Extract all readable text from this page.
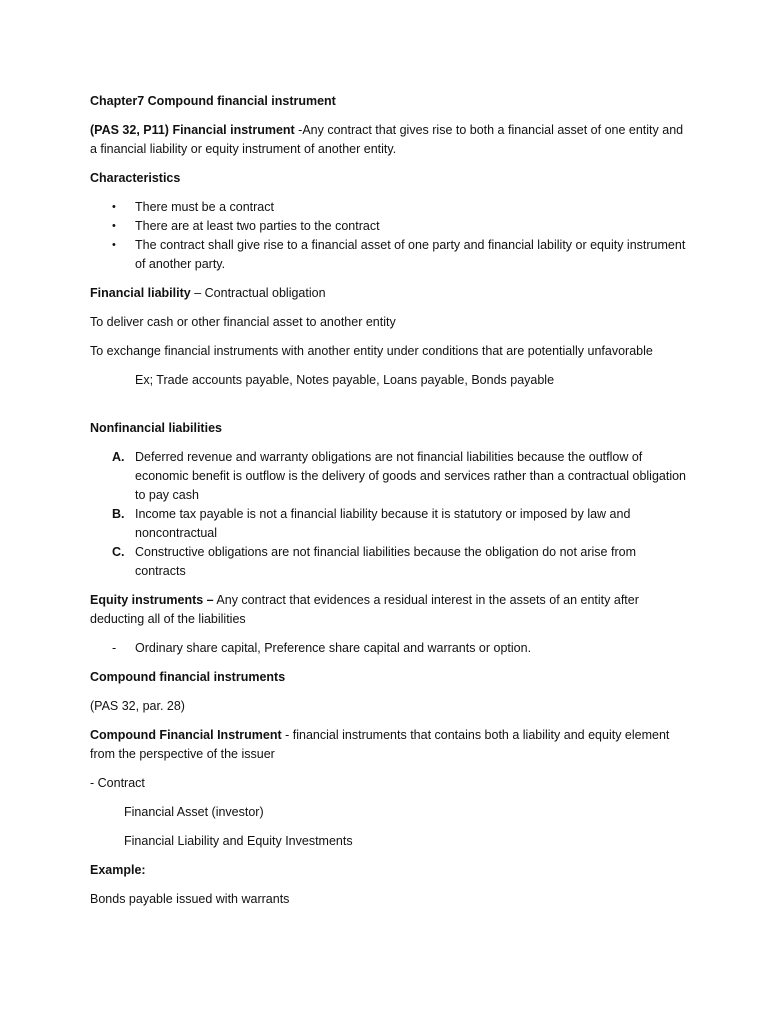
Chapter7 Compound financial instrument

(PAS 32, P11) Financial instrument -Any contract that gives rise to both a financial asset of one entity and a financial liability or equity instrument of another entity.

Characteristics

• There must be a contract
• There are at least two parties to the contract
• The contract shall give rise to a financial asset of one party and financial lability or equity instrument of another party.

Financial liability – Contractual obligation

To deliver cash or other financial asset to another entity

To exchange financial instruments with another entity under conditions that are potentially unfavorable

Ex; Trade accounts payable, Notes payable, Loans payable, Bonds payable

Nonfinancial liabilities

A. Deferred revenue and warranty obligations are not financial liabilities because the outflow of economic benefit is outflow is the delivery of goods and services rather than a contractual obligation to pay cash
B. Income tax payable is not a financial liability because it is statutory or imposed by law and noncontractual
C. Constructive obligations are not financial liabilities because the obligation do not arise from contracts

Equity instruments – Any contract that evidences a residual interest in the assets of an entity after deducting all of the liabilities

- Ordinary share capital, Preference share capital and warrants or option.

Compound financial instruments

(PAS 32, par. 28)

Compound Financial Instrument - financial instruments that contains both a liability and equity element from the perspective of the issuer

- Contract

Financial Asset (investor)

Financial Liability and Equity Investments

Example:

Bonds payable issued with warrants
